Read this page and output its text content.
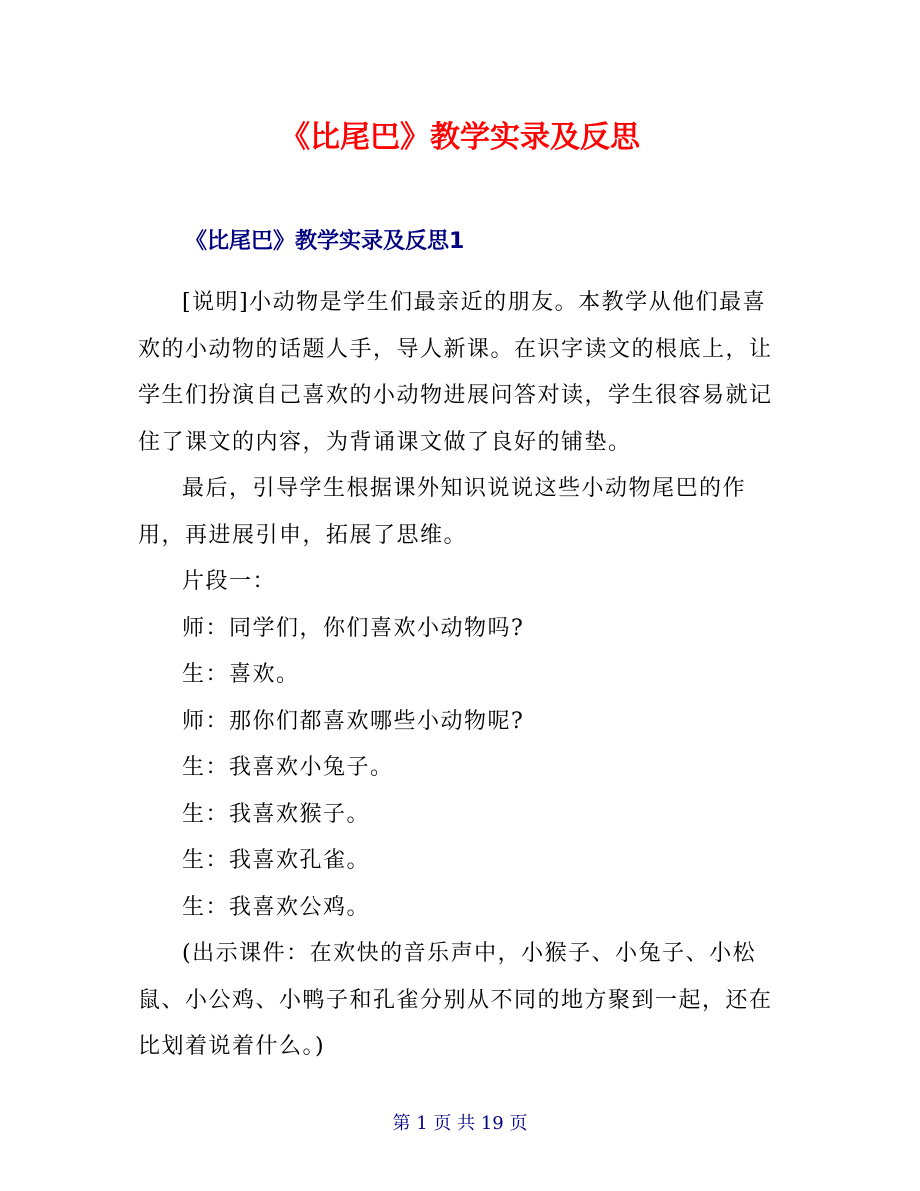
《比尾巴》教学实录及反思
《比尾巴》教学实录及反思1

[说明]小动物是学生们最亲近的朋友。本教学从他们最喜欢的小动物的话题人手，导人新课。在识字读文的根底上，让学生们扮演自己喜欢的小动物进展问答对读，学生很容易就记住了课文的内容，为背诵课文做了良好的铺垫。

最后，引导学生根据课外知识说说这些小动物尾巴的作用，再进展引申，拓展了思维。

片段一：

师：同学们，你们喜欢小动物吗?

生：喜欢。

师：那你们都喜欢哪些小动物呢?

生：我喜欢小兔子。

生：我喜欢猴子。

生：我喜欢孔雀。

生：我喜欢公鸡。

(出示课件：在欢快的音乐声中，小猴子、小兔子、小松鼠、小公鸡、小鸭子和孔雀分别从不同的地方聚到一起，还在比划着说着什么。)

第 1 页 共 19 页
